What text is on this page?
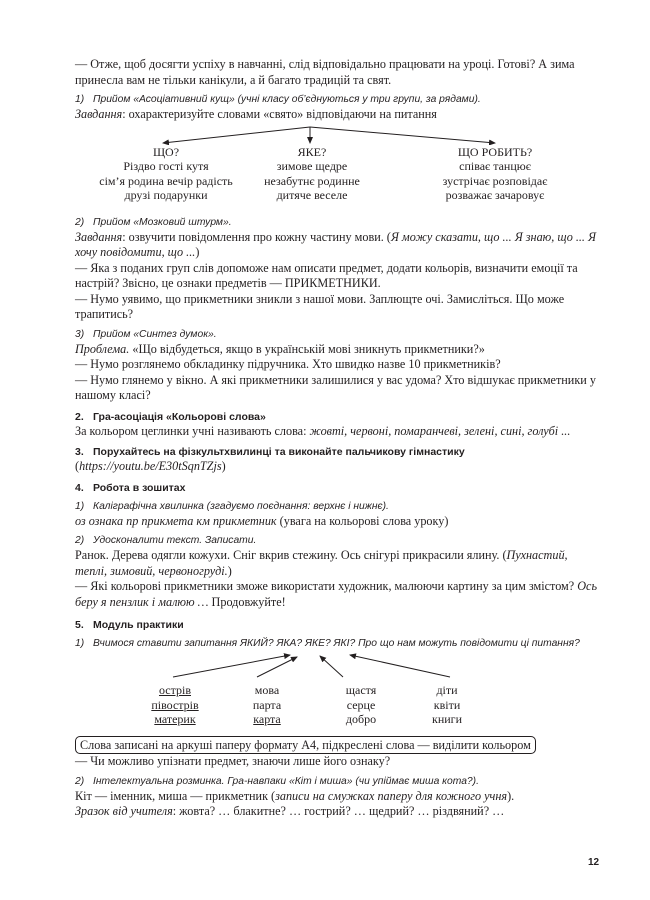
— Отже, щоб досягти успіху в навчанні, слід відповідально працювати на уроці. Готові? А зима принесла вам не тільки канікули, а й багато традицій та свят.

1) Прийом «Асоціативний кущ» (учні класу об’єднуються у три групи, за рядами).

Завдання: охарактеризуйте словами «свято» відповідаючи на питання

ЩО?
Різдво гості кутя
сім’я родина вечір радість
друзі подарунки
ЯКЕ?
зимове щедре
незабутнє родинне
дитяче веселе
ЩО РОБИТЬ?
співає танцює
зустрічає розповідає
розважає зачаровує

2) Прийом «Мозковий штурм».

Завдання: озвучити повідомлення про кожну частину мови. (Я можу сказати, що ... Я знаю, що ... Я хочу повідомити, що ...)

— Яка з поданих груп слів допоможе нам описати предмет, додати кольорів, визначити емоції та настрій? Звісно, це ознаки предметів — ПРИКМЕТНИКИ.

— Нумо уявимо, що прикметники зникли з нашої мови. Заплющте очі. Замисліться. Що може трапитись?

3) Прийом «Синтез думок».

Проблема. «Що відбудеться, якщо в українській мові зникнуть прикметники?»

— Нумо розглянемо обкладинку підручника. Хто швидко назве 10 прикметників?

— Нумо глянемо у вікно. А які прикметники залишилися у вас удома? Хто відшукає прикметники у нашому класі?

2. Гра-асоціація «Кольорові слова»

За кольором цеглинки учні називають слова: жовті, червоні, помаранчеві, зелені, сині, голубі ...

3. Порухайтесь на фізкультхвилинці та виконайте пальчикову гімнастику

(https://youtu.be/E30tSqnTZjs)

4. Робота в зошитах

1) Каліграфічна хвилинка (згадуємо поєднання: верхнє і нижнє).

оз ознака пр прикмета км прикметник (увага на кольорові слова уроку)

2) Удосконалити текст. Записати.

Ранок. Дерева одягли кожухи. Сніг вкрив стежину. Ось снігурі прикрасили ялину. (Пухнастий, теплі, зимовий, червоногруді.)

— Які кольорові прикметники зможе використати художник, малюючи картину за цим змістом? Ось беру я пензлик і малюю … Продовжуйте!

5. Модуль практики

1) Вчимося ставити запитання ЯКИЙ? ЯКА? ЯКЕ? ЯКІ? Про що нам можуть повідомити ці питання?

острів
півострів
материк
мова
парта
карта
щастя
серце
добро
діти
квіти
книги
Слова записані на аркуші паперу формату А4, підкреслені слова — виділити кольором

— Чи можливо упізнати предмет, знаючи лише його ознаку?

2) Інтелектуальна розминка. Гра-навпаки «Кіт і миша» (чи упіймає миша кота?).

Кіт — іменник, миша — прикметник (записи на смужках паперу для кожного учня).

Зразок від учителя: жовта? … блакитне? … гострий? … щедрий? … різдвяний? …

12
